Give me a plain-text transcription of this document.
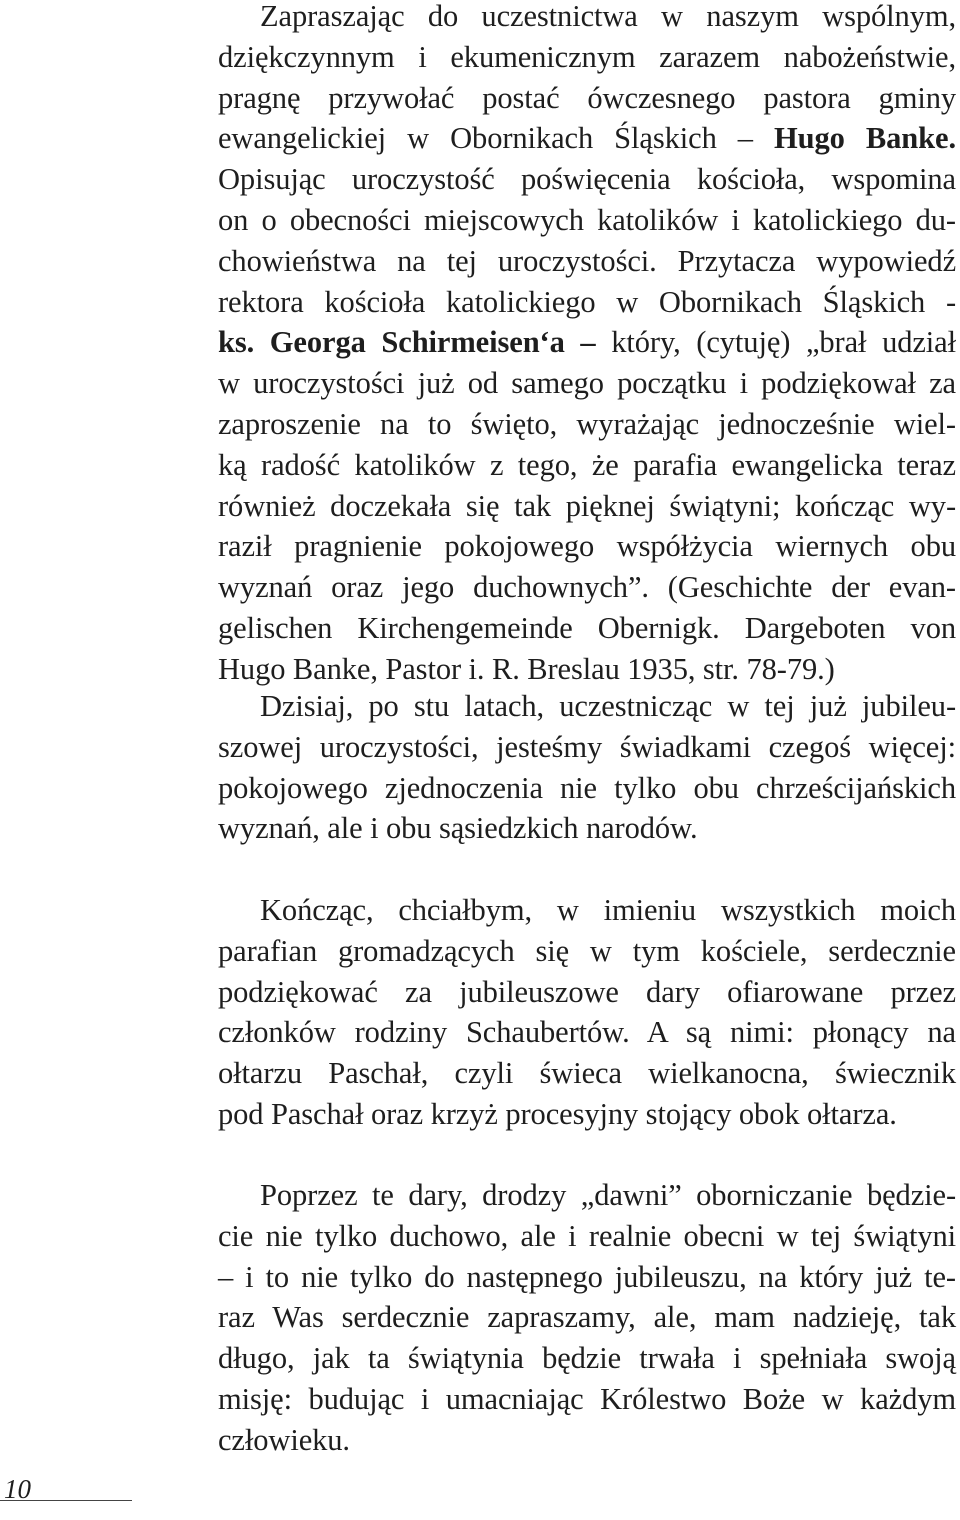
Zapraszając do uczestnictwa w naszym wspólnym,
dziękczynnym i ekumenicznym zarazem nabożeństwie,
pragnę przywołać postać ówczesnego pastora gminy
ewangelickiej w Obornikach Śląskich – Hugo Banke.
Opisując uroczystość poświęcenia kościoła, wspomina
on o obecności miejscowych katolików i katolickiego du-
chowieństwa na tej uroczystości. Przytacza wypowiedź
rektora kościoła katolickiego w Obornikach Śląskich -
ks. Georga Schirmeisen‘a – który, (cytuję) „brał udział
w uroczystości już od samego początku i podziękował za
zaproszenie na to święto, wyrażając jednocześnie wiel-
ką radość katolików z tego, że parafia ewangelicka teraz
również doczekała się tak pięknej świątyni; kończąc wy-
raził pragnienie pokojowego współżycia wiernych obu
wyznań oraz jego duchownych”. (Geschichte der evan-
gelischen Kirchengemeinde Obernigk. Dargeboten von
Hugo Banke, Pastor i. R. Breslau 1935, str. 78-79.)
Dzisiaj, po stu latach, uczestnicząc w tej już jubileu-
szowej uroczystości, jesteśmy świadkami czegoś więcej:
pokojowego zjednoczenia nie tylko obu chrześcijańskich
wyznań, ale i obu sąsiedzkich narodów.
Kończąc, chciałbym, w imieniu wszystkich moich
parafian gromadzących się w tym kościele, serdecznie
podziękować za jubileuszowe dary ofiarowane przez
członków rodziny Schaubertów. A są nimi: płonący na
ołtarzu Paschał, czyli świeca wielkanocna, świecznik
pod Paschał oraz krzyż procesyjny stojący obok ołtarza.
Poprzez te dary, drodzy „dawni” oborniczanie będzie-
cie nie tylko duchowo, ale i realnie obecni w tej świątyni
– i to nie tylko do następnego jubileuszu, na który już te-
raz Was serdecznie zapraszamy, ale, mam nadzieję, tak
długo, jak ta świątynia będzie trwała i spełniała swoją
misję: budując i umacniając Królestwo Boże w każdym
człowieku.
10
